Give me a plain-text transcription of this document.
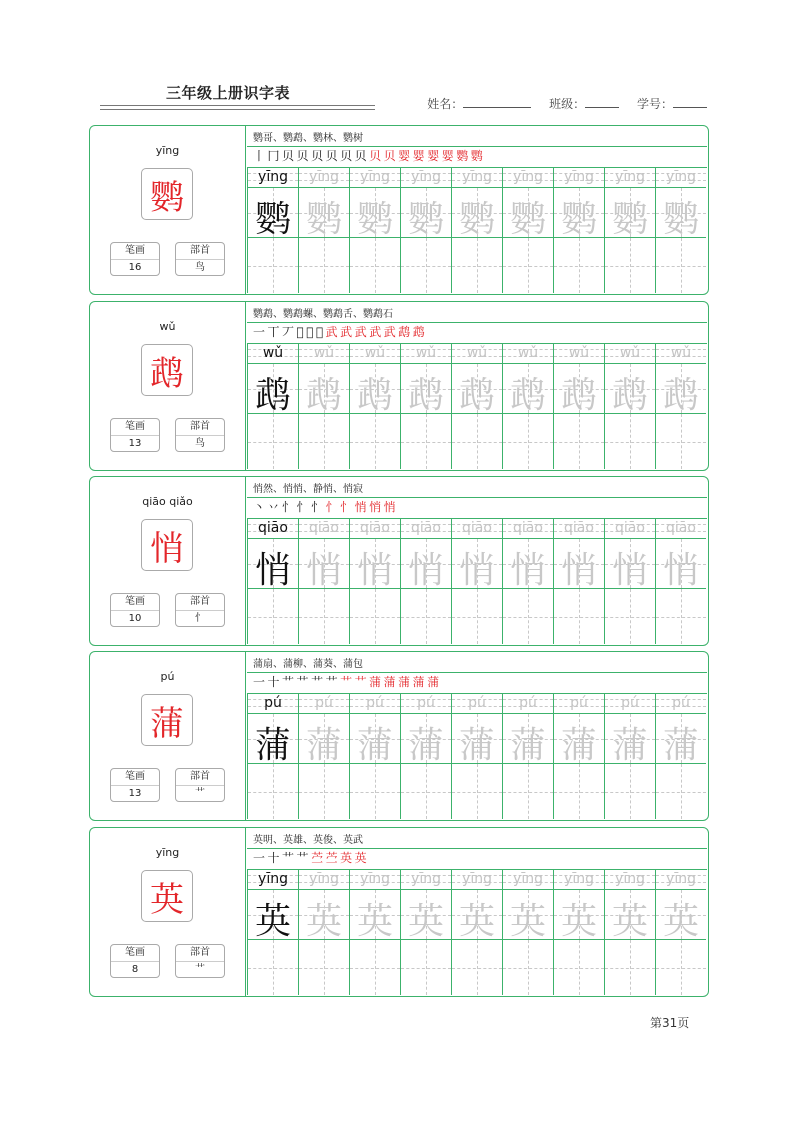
三年级上册识字表
姓名：	班级：	学号：
yīng
鹦
笔画
16
部首
鸟
鹦哥、鹦鹉、鹦林、鹦树
丨 冂 贝 贝 贝 贝 贝 贝 贝 贝 婴 婴 婴 婴 鹦 鹦
yīng
鹦
yīng
鹦
yīng
鹦
yīng
鹦
yīng
鹦
yīng
鹦
yīng
鹦
yīng
鹦
yīng
鹦
wǔ
鹉
笔画
13
部首
鸟
鹦鹉、鹦鹉螺、鹦鹉舌、鹦鹉石
一 丅 丆 𠀆 𠀆 𠀆 武 武 武 武 武 鹉 鹉
wǔ
鹉
wǔ
鹉
wǔ
鹉
wǔ
鹉
wǔ
鹉
wǔ
鹉
wǔ
鹉
wǔ
鹉
wǔ
鹉
qiāo qiǎo
悄
笔画
10
部首
忄
悄然、悄悄、静悄、悄寂
丶 丷 忄 忄 忄 忄 忄 悄 悄 悄
qiāo
悄
qiāo
悄
qiāo
悄
qiāo
悄
qiāo
悄
qiāo
悄
qiāo
悄
qiāo
悄
qiāo
悄
pú
蒲
笔画
13
部首
艹
蒲扇、蒲柳、蒲葵、蒲包
一 十 艹 艹 艹 艹 艹 艹 蒲 蒲 蒲 蒲 蒲
pú
蒲
pú
蒲
pú
蒲
pú
蒲
pú
蒲
pú
蒲
pú
蒲
pú
蒲
pú
蒲
yīng
英
笔画
8
部首
艹
英明、英雄、英俊、英武
一 十 艹 艹 苎 苎 英 英
yīng
英
yīng
英
yīng
英
yīng
英
yīng
英
yīng
英
yīng
英
yīng
英
yīng
英
第31页
